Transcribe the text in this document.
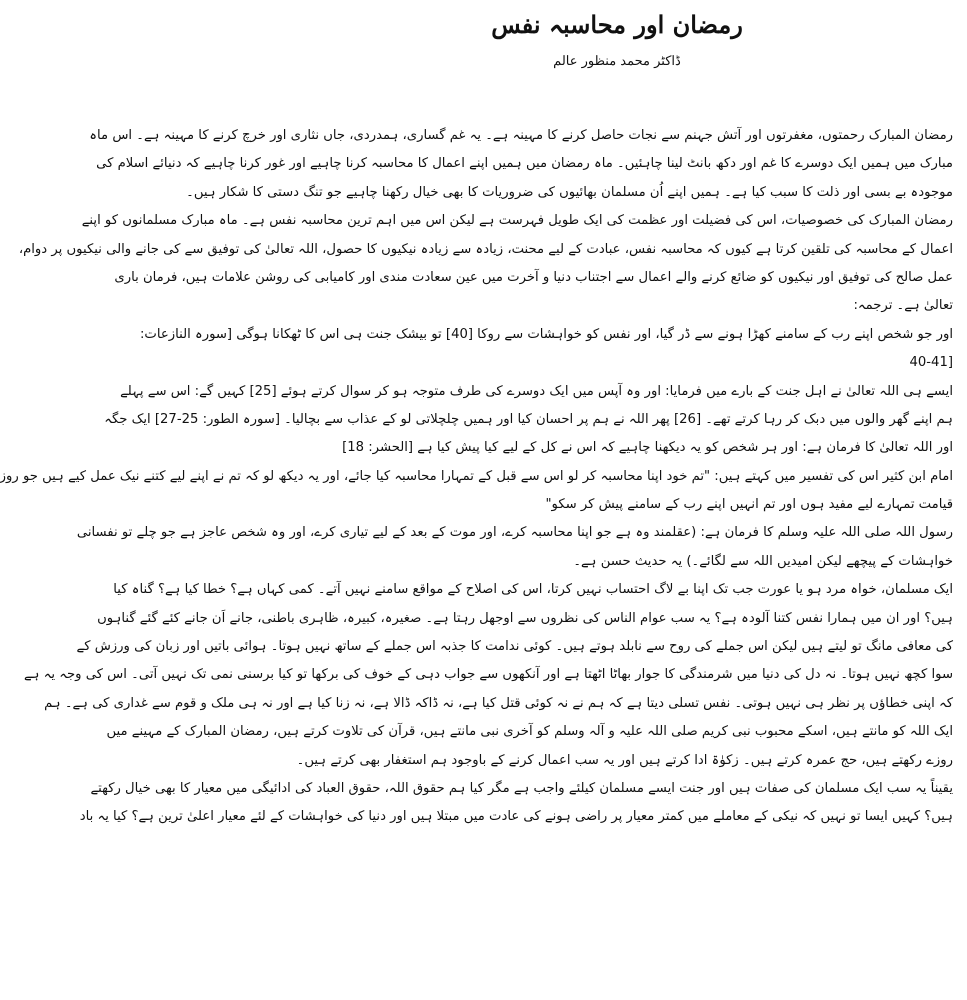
رمضان اور محاسبہ نفس
ڈاکٹر محمد منظور عالم
رمضان المبارک رحمتوں، مغفرتوں اور آتش جہنم سے نجات حاصل کرنے کا مہینہ ہے۔ یہ غم گساری، ہمدردی، جاں نثاری اور خرچ کرنے کا مہینہ ہے۔ اس ماہ
مبارک میں ہمیں ایک دوسرے کا غم اور دکھ بانٹ لینا چاہئیں۔ ماہ رمضان میں ہمیں اپنے اعمال کا محاسبہ کرنا چاہیے اور غور کرنا چاہیے کہ دنیائے اسلام کی
موجودہ بے بسی اور ذلت کا سبب کیا ہے۔ ہمیں اپنے اُن مسلمان بھائیوں کی ضروریات کا بھی خیال رکھنا چاہیے جو تنگ دستی کا شکار ہیں۔
رمضان المبارک کی خصوصیات، اس کی فضیلت اور عظمت کی ایک طویل فہرست ہے لیکن اس میں اہم ترین محاسبہ نفس ہے۔ ماہ مبارک مسلمانوں کو اپنے
اعمال کے محاسبہ کی تلقین کرتا ہے کیوں کہ محاسبہ نفس، عبادت کے لیے محنت، زیادہ سے زیادہ نیکیوں کا حصول، اللہ تعالیٰ کی توفیق سے کی جانے والی نیکیوں پر دوام،
عمل صالح کی توفیق اور نیکیوں کو ضائع کرنے والے اعمال سے اجتناب دنیا و آخرت میں عین سعادت مندی اور کامیابی کی روشن علامات ہیں، فرمان باری
تعالیٰ ہے۔ ترجمہ:
اور جو شخص اپنے رب کے سامنے کھڑا ہونے سے ڈر گیا، اور نفس کو خواہشات سے روکا [40] تو بیشک جنت ہی اس کا ٹھکانا ہوگی [سورہ النازعات:
[40-41
ایسے ہی اللہ تعالیٰ نے اہل جنت کے بارے میں فرمایا: اور وہ آپس میں ایک دوسرے کی طرف متوجہ ہو کر سوال کرتے ہوئے [25] کہیں گے: اس سے پہلے
ہم اپنے گھر والوں میں دبک کر رہا کرتے تھے۔ [26] پھر اللہ نے ہم پر احسان کیا اور ہمیں چلچلاتی لو کے عذاب سے بچالیا۔ [سورہ الطور: 25-27] ایک جگہ
اور اللہ تعالیٰ کا فرمان ہے: اور ہر شخص کو یہ دیکھنا چاہیے کہ اس نے کل کے لیے کیا پیش کیا ہے [الحشر: 18]
امام ابن کثیر اس کی تفسیر میں کہتے ہیں: "تم خود اپنا محاسبہ کر لو اس سے قبل کے تمہارا محاسبہ کیا جائے، اور یہ دیکھ لو کہ تم نے اپنے لیے کتنے نیک عمل کیے ہیں جو روز
قیامت تمہارے لیے مفید ہوں اور تم انہیں اپنے رب کے سامنے پیش کر سکو"
رسول اللہ صلی اللہ علیہ وسلم کا فرمان ہے: (عقلمند وہ ہے جو اپنا محاسبہ کرے، اور موت کے بعد کے لیے تیاری کرے، اور وہ شخص عاجز ہے جو چلے تو نفسانی
خواہشات کے پیچھے لیکن امیدیں اللہ سے لگائے۔) یہ حدیث حسن ہے۔
ایک مسلمان، خواہ مرد ہو یا عورت جب تک اپنا بے لاگ احتساب نہیں کرتا، اس کی اصلاح کے مواقع سامنے نہیں آتے۔ کمی کہاں ہے؟ خطا کیا ہے؟ گناہ کیا
ہیں؟ اور ان میں ہمارا نفس کتنا آلودہ ہے؟ یہ سب عوام الناس کی نظروں سے اوجھل رہتا ہے۔ صغیرہ، کبیرہ، ظاہری باطنی، جانے اَن جانے کئے گئے گناہوں
کی معافی مانگ تو لیتے ہیں لیکن اس جملے کی روح سے نابلد ہوتے ہیں۔ کوئی ندامت کا جذبہ اس جملے کے ساتھ نہیں ہوتا۔ ہوائی باتیں اور زبان کی ورزش کے
سوا کچھ نہیں ہوتا۔ نہ دل کی دنیا میں شرمندگی کا جوار بھاٹا اٹھتا ہے اور آنکھوں سے جواب دہی کے خوف کی برکھا تو کیا برسنی نمی تک نہیں آتی۔ اس کی وجہ یہ ہے
کہ اپنی خطاؤں پر نظر ہی نہیں ہوتی۔ نفس تسلی دیتا ہے کہ ہم نے نہ کوئی قتل کیا ہے، نہ ڈاکہ ڈالا ہے، نہ زنا کیا ہے اور نہ ہی ملک و قوم سے غداری کی ہے۔ ہم
ایک اللہ کو مانتے ہیں، اسکے محبوب نبی کریم صلی اللہ علیہ و آلہ وسلم کو آخری نبی مانتے ہیں، قرآن کی تلاوت کرتے ہیں، رمضان المبارک کے مہینے میں
روزے رکھتے ہیں، حج عمرہ کرتے ہیں۔ زکوٰۃ ادا کرتے ہیں اور یہ سب اعمال کرنے کے باوجود ہم استغفار بھی کرتے ہیں۔
یقیناً یہ سب ایک مسلمان کی صفات ہیں اور جنت ایسے مسلمان کیلئے واجب ہے مگر کیا ہم حقوق اللہ، حقوق العباد کی ادائیگی میں معیار کا بھی خیال رکھتے
ہیں؟ کہیں ایسا تو نہیں کہ نیکی کے معاملے میں کمتر معیار پر راضی ہونے کی عادت میں مبتلا ہیں اور دنیا کی خواہشات کے لئے معیار اعلیٰ ترین ہے؟ کیا یہ باد
